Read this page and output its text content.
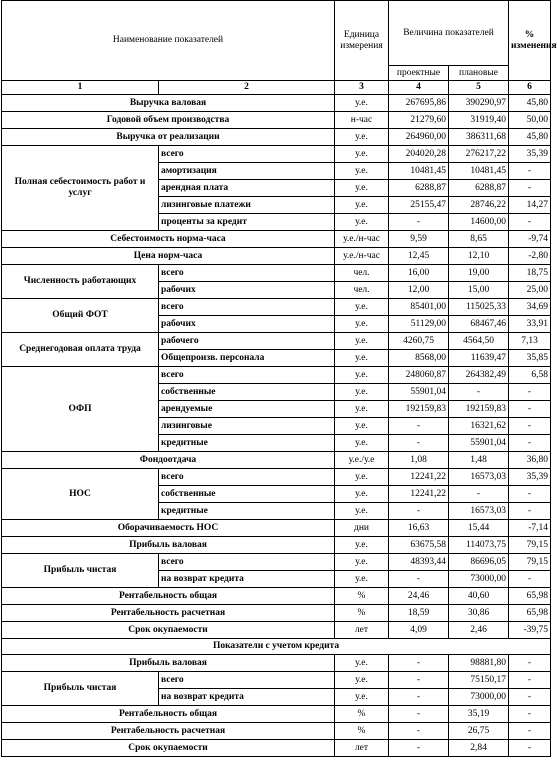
Наименование показателей		Единица измерения	Величина показателей		% изменения
			проектные	плановые	
1	2	3	4	5	6
Выручка валовая		у.е.	267695,86	390290,97	45,80
Годовой объем производства		н-час	21279,60	31919,40	50,00
Выручка от реализации		у.е.	264960,00	386311,68	45,80
Полная себестоимость работ и услуг	всего	у.е.	204020,28	276217,22	35,39
	амортизация	у.е.	10481,45	10481,45	-
	арендная плата	у.е.	6288,87	6288,87	-
	лизинговые платежи	у.е.	25155,47	28746,22	14,27
	проценты за кредит	у.е.	-	14600,00	-
Себестоимость норма-часа		у.е./н-час	9,59	8,65	-9,74
Цена норм-часа		у.е./н-час	12,45	12,10	-2,80
Численность работающих	всего	чел.	16,00	19,00	18,75
	рабочих	чел.	12,00	15,00	25,00
Общий ФОТ	всего	у.е.	85401,00	115025,33	34,69
	рабочих	у.е.	51129,00	68467,46	33,91
Среднегодовая оплата труда	рабочего	у.е.	4260,75	4564,50	7,13
	Общепроизв. персонала	у.е.	8568,00	11639,47	35,85
ОФП	всего	у.е.	248060,87	264382,49	6,58
	собственные	у.е.	55901,04	-	-
	арендуемые	у.е.	192159,83	192159,83	-
	лизинговые	у.е.	-	16321,62	-
	кредитные	у.е.	-	55901,04	-
Фондоотдача		у.е./у.е	1,08	1,48	36,80
НОС	всего	у.е.	12241,22	16573,03	35,39
	собственные	у.е.	12241,22	-	-
	кредитные	у.е.	-	16573,03	-
Оборачиваемость НОС		дни	16,63	15,44	-7,14
Прибыль валовая		у.е.	63675,58	114073,75	79,15
Прибыль чистая	всего	у.е.	48393,44	86696,05	79,15
	на возврат кредита	у.е.	-	73000,00	-
Рентабельность общая		%	24,46	40,60	65,98
Рентабельность расчетная		%	18,59	30,86	65,98
Срок окупаемости		лет	4,09	2,46	-39,75
Показатели с учетом кредита					
Прибыль валовая		у.е.	-	98881,80	-
Прибыль чистая	всего	у.е.	-	75150,17	-
	на возврат кредита	у.е.	-	73000,00	-
Рентабельность общая		%	-	35,19	-
Рентабельность расчетная		%	-	26,75	-
Срок окупаемости		лет	-	2,84	-
